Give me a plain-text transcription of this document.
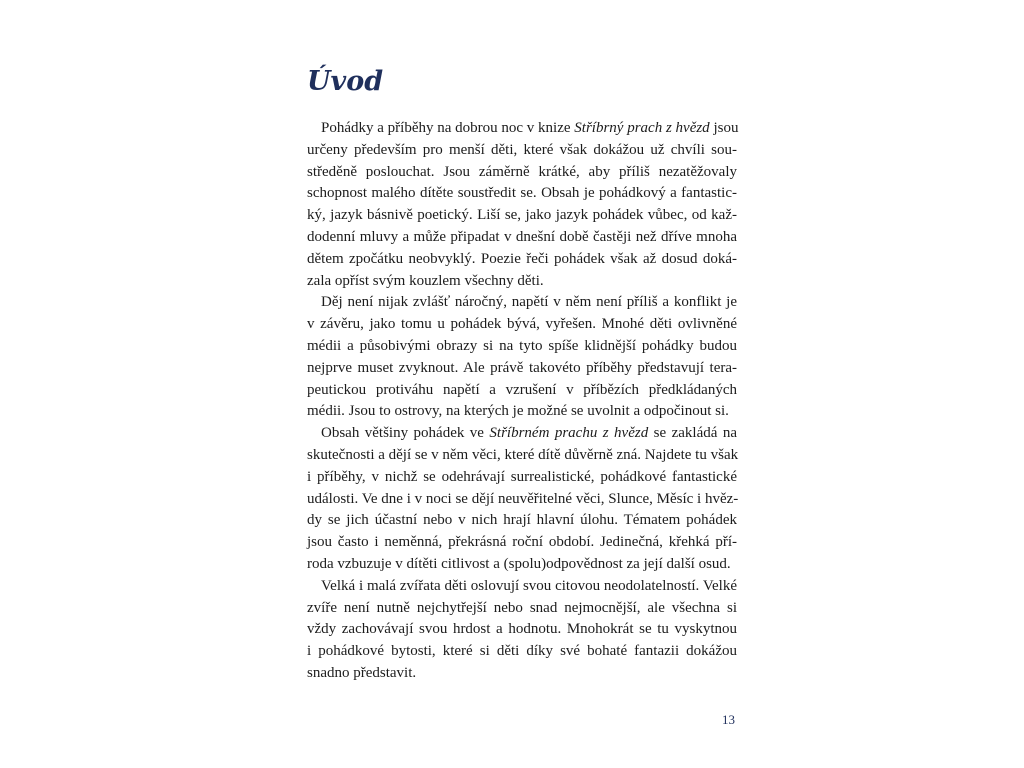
Úvod
Pohádky a příběhy na dobrou noc v knize Stříbrný prach z hvězd jsou
určeny především pro menší děti, které však dokážou už chvíli sou-
středěně poslouchat. Jsou záměrně krátké, aby příliš nezatěžovaly
schopnost malého dítěte soustředit se. Obsah je pohádkový a fantastic-
ký, jazyk básnivě poetický. Liší se, jako jazyk pohádek vůbec, od kaž-
dodenní mluvy a může připadat v dnešní době častěji než dříve mnoha
dětem zpočátku neobvyklý. Poezie řeči pohádek však až dosud doká-
zala opříst svým kouzlem všechny děti.
Děj není nijak zvlášť náročný, napětí v něm není příliš a konflikt je
v závěru, jako tomu u pohádek bývá, vyřešen. Mnohé děti ovlivněné
médii a působivými obrazy si na tyto spíše klidnější pohádky budou
nejprve muset zvyknout. Ale právě takovéto příběhy představují tera-
peutickou protiváhu napětí a vzrušení v příbězích předkládaných
médii. Jsou to ostrovy, na kterých je možné se uvolnit a odpočinout si.
Obsah většiny pohádek ve Stříbrném prachu z hvězd se zakládá na
skutečnosti a dějí se v něm věci, které dítě důvěrně zná. Najdete tu však
i příběhy, v nichž se odehrávají surrealistické, pohádkové fantastické
události. Ve dne i v noci se dějí neuvěřitelné věci, Slunce, Měsíc i hvěz-
dy se jich účastní nebo v nich hrají hlavní úlohu. Tématem pohádek
jsou často i neměnná, překrásná roční období. Jedinečná, křehká pří-
roda vzbuzuje v dítěti citlivost a (spolu)odpovědnost za její další osud.
Velká i malá zvířata děti oslovují svou citovou neodolatelností. Velké
zvíře není nutně nejchytřejší nebo snad nejmocnější, ale všechna si
vždy zachovávají svou hrdost a hodnotu. Mnohokrát se tu vyskytnou
i pohádkové bytosti, které si děti díky své bohaté fantazii dokážou
snadno představit.
13
